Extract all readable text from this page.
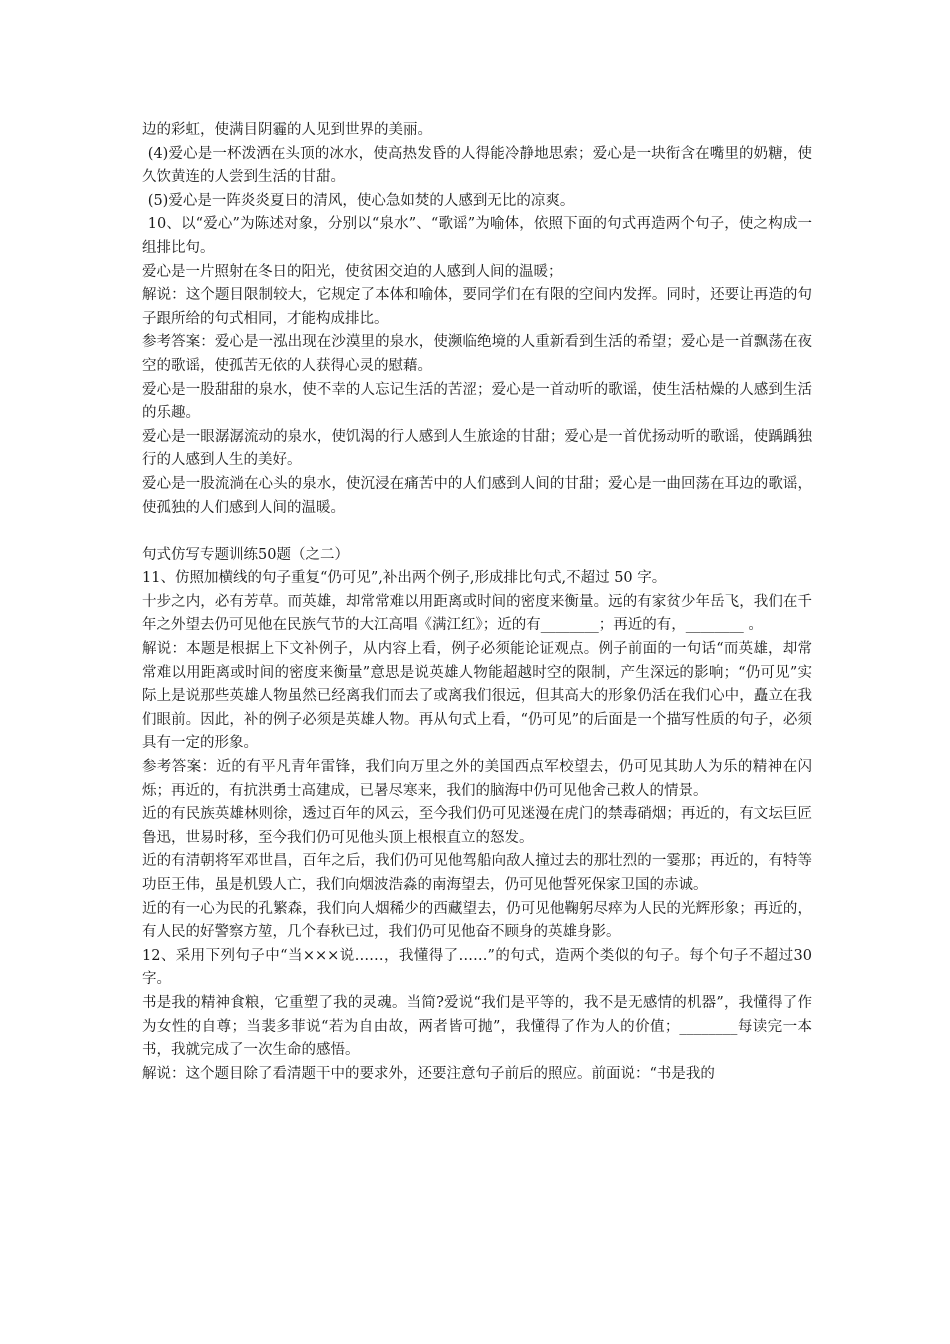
边的彩虹，使满目阴霾的人见到世界的美丽。

(4)爱心是一杯泼洒在头顶的冰水，使高热发昏的人得能冷静地思索；爱心是一块衔含在嘴里的奶糖，使久饮黄连的人尝到生活的甘甜。

(5)爱心是一阵炎炎夏日的清风，使心急如焚的人感到无比的凉爽。

10、以“爱心”为陈述对象，分别以“泉水”、“歌谣”为喻体，依照下面的句式再造两个句子，使之构成一组排比句。

爱心是一片照射在冬日的阳光，使贫困交迫的人感到人间的温暖；

解说：这个题目限制较大，它规定了本体和喻体，要同学们在有限的空间内发挥。同时，还要让再造的句子跟所给的句式相同，才能构成排比。

参考答案：爱心是一泓出现在沙漠里的泉水，使濒临绝境的人重新看到生活的希望；爱心是一首飘荡在夜空的歌谣，使孤苦无依的人获得心灵的慰藉。

爱心是一股甜甜的泉水，使不幸的人忘记生活的苦涩；爱心是一首动听的歌谣，使生活枯燥的人感到生活的乐趣。

爱心是一眼潺潺流动的泉水，使饥渴的行人感到人生旅途的甘甜；爱心是一首优扬动听的歌谣，使踽踽独行的人感到人生的美好。

爱心是一股流淌在心头的泉水，使沉浸在痛苦中的人们感到人间的甘甜；爱心是一曲回荡在耳边的歌谣，使孤独的人们感到人间的温暖。

句式仿写专题训练50题（之二）

11、仿照加横线的句子重复“仍可见”,补出两个例子,形成排比句式,不超过 50 字。

十步之内，必有芳草。而英雄，却常常难以用距离或时间的密度来衡量。远的有家贫少年岳飞，我们在千年之外望去仍可见他在民族气节的大江高唱《满江红》；近的有________；再近的有，________ 。

解说：本题是根据上下文补例子，从内容上看，例子必须能论证观点。例子前面的一句话“而英雄，却常常难以用距离或时间的密度来衡量”意思是说英雄人物能超越时空的限制，产生深远的影响；“仍可见”实际上是说那些英雄人物虽然已经离我们而去了或离我们很远，但其高大的形象仍活在我们心中，矗立在我们眼前。因此，补的例子必须是英雄人物。再从句式上看，“仍可见”的后面是一个描写性质的句子，必须具有一定的形象。

参考答案：近的有平凡青年雷锋，我们向万里之外的美国西点军校望去，仍可见其助人为乐的精神在闪烁；再近的，有抗洪勇士高建成，已暑尽寒来，我们的脑海中仍可见他舍己救人的情景。

近的有民族英雄林则徐，透过百年的风云，至今我们仍可见迷漫在虎门的禁毒硝烟；再近的，有文坛巨匠鲁迅，世易时移，至今我们仍可见他头顶上根根直立的怒发。

近的有清朝将军邓世昌，百年之后，我们仍可见他驾船向敌人撞过去的那壮烈的一霎那；再近的，有特等功臣王伟，虽是机毁人亡，我们向烟波浩淼的南海望去，仍可见他誓死保家卫国的赤诚。

近的有一心为民的孔繁森，我们向人烟稀少的西藏望去，仍可见他鞠躬尽瘁为人民的光辉形象；再近的，有人民的好警察方堃，几个春秋已过，我们仍可见他奋不顾身的英雄身影。

12、采用下列句子中“当×××说……，我懂得了……”的句式，造两个类似的句子。每个句子不超过30字。

书是我的精神食粮，它重塑了我的灵魂。当简?爱说“我们是平等的，我不是无感情的机器”，我懂得了作为女性的自尊；当裴多菲说“若为自由故，两者皆可抛”，我懂得了作为人的价值；________每读完一本书，我就完成了一次生命的感悟。

解说：这个题目除了看清题干中的要求外，还要注意句子前后的照应。前面说：“书是我的
